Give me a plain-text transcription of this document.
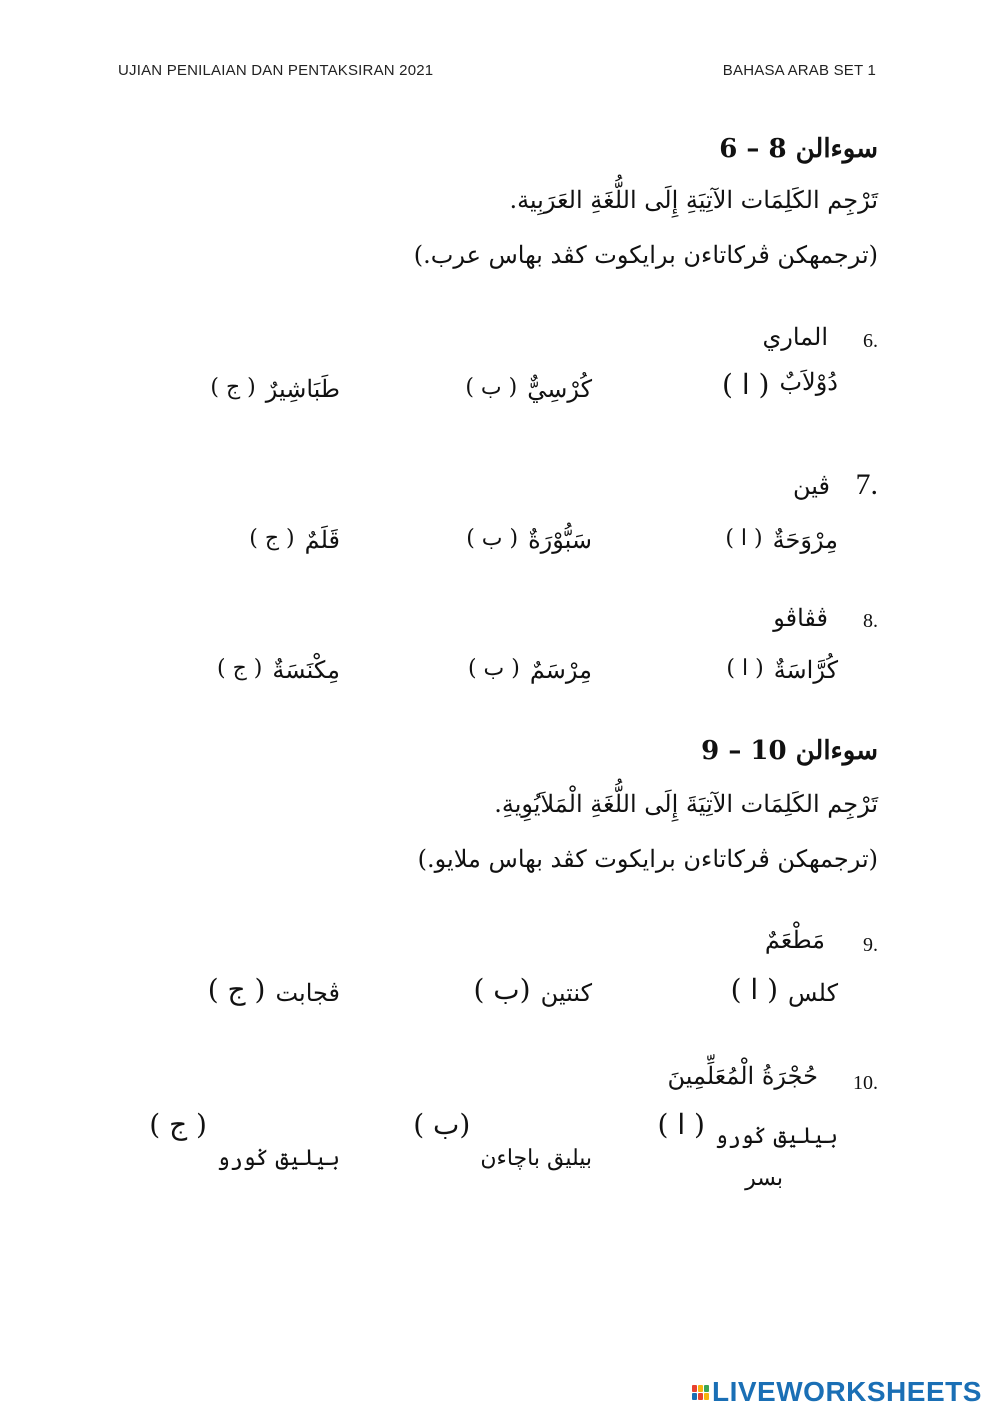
UJIAN PENILAIAN DAN PENTAKSIRAN 2021	BAHASA ARAB SET 1
سوءالن 8 – 6
تَرْجِم الكَلِمَات الآتِيَةِ إِلَى اللُّغَةِ العَرَبِية.
(ترجمهکن ڤرکاتاءن برايکوت کڤد بهاس عرب.)
6.
الماري
( ا ) دُوْلاَبٌ
( ب ) كُرْسِيٌّ
( ج ) طَبَاشِيرٌ
7.
ڤين
( ا ) مِرْوَحَةٌ
( ب ) سَبُّوْرَةٌ
( ج ) قَلَمٌ
8.
ڤڤاڤو
( ا ) كُرَّاسَةٌ
( ب ) مِرْسَمٌ
( ج ) مِكْنَسَةٌ
سوءالن 10 – 9
تَرْجِم الكَلِمَات الآتِيَةَ إِلَى اللُّغَةِ الْمَلاَيُوِيةِ.
(ترجمهکن ڤرکاتاءن برايکوت کڤد بهاس ملايو.)
9.
مَطْعَمٌ
( ا ) کلس
(ب ) کنتين
( ج ) ڤجابت
10.
حُجْرَةُ الْمُعَلِّمِينَ
( ا ) بيليق ݢورو
بسر
(ب )
بيليق باچاءن
( ج )
بيليق ݢورو
LIVEWORKSHEETS
